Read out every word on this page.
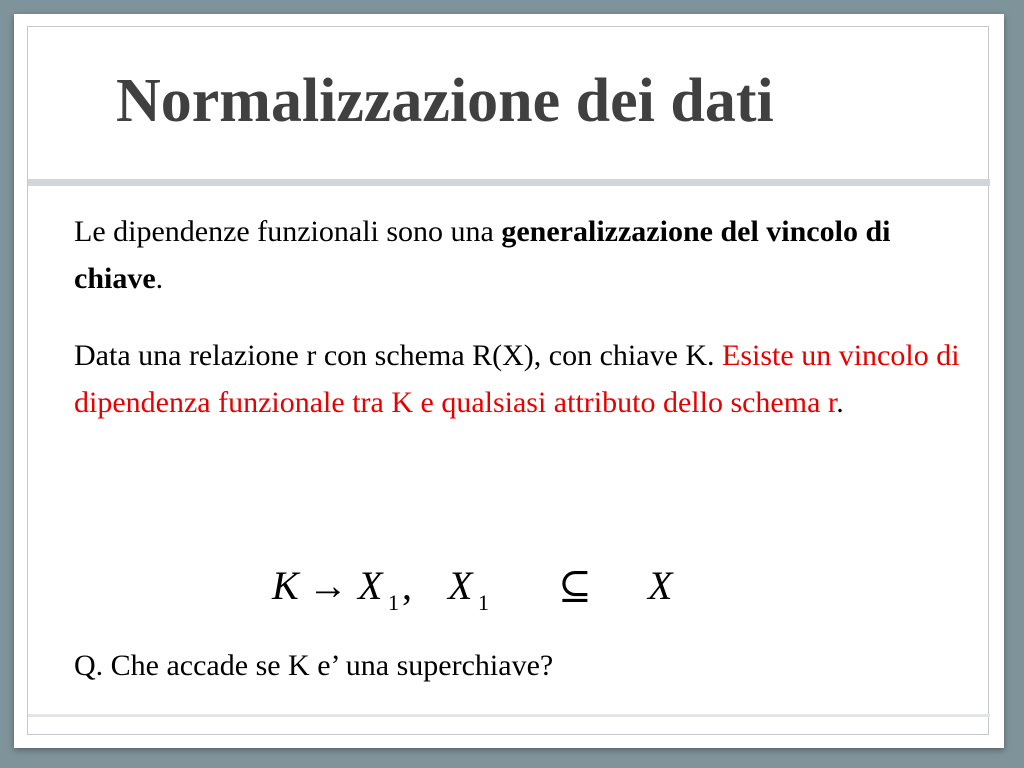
Normalizzazione dei dati

Le dipendenze funzionali sono una generalizzazione del vincolo di chiave.

Data una relazione r con schema R(X), con chiave K. Esiste un vincolo di dipendenza funzionale tra K e qualsiasi attributo dello schema r.

K → X 1 , X 1 ⊆ X

Q. Che accade se K e’ una superchiave?
